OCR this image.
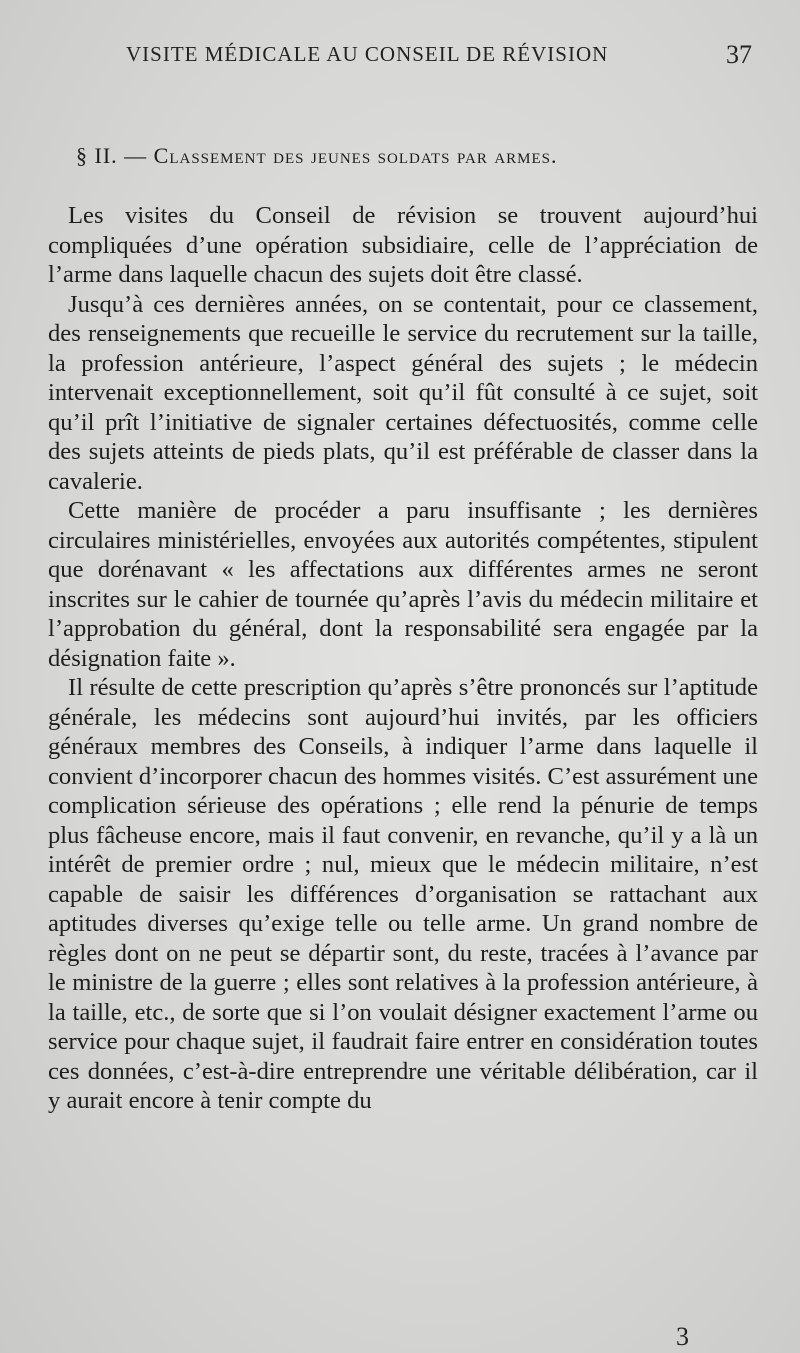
VISITE MÉDICALE AU CONSEIL DE RÉVISION	37
§ II. — Classement des jeunes soldats par armes.

Les visites du Conseil de révision se trouvent aujourd’hui compliquées d’une opération subsidiaire, celle de l’appréciation de l’arme dans laquelle chacun des sujets doit être classé.

Jusqu’à ces dernières années, on se contentait, pour ce classement, des renseignements que recueille le service du recrutement sur la taille, la profession antérieure, l’aspect général des sujets ; le médecin intervenait exceptionnellement, soit qu’il fût consulté à ce sujet, soit qu’il prît l’initiative de signaler certaines défectuosités, comme celle des sujets atteints de pieds plats, qu’il est préférable de classer dans la cavalerie.

Cette manière de procéder a paru insuffisante ; les dernières circulaires ministérielles, envoyées aux autorités compétentes, stipulent que dorénavant « les affectations aux différentes armes ne seront inscrites sur le cahier de tournée qu’après l’avis du médecin militaire et l’approbation du général, dont la responsabilité sera engagée par la désignation faite ».

Il résulte de cette prescription qu’après s’être prononcés sur l’aptitude générale, les médecins sont aujourd’hui invités, par les officiers généraux membres des Conseils, à indiquer l’arme dans laquelle il convient d’incorporer chacun des hommes visités. C’est assurément une complication sérieuse des opérations ; elle rend la pénurie de temps plus fâcheuse encore, mais il faut convenir, en revanche, qu’il y a là un intérêt de premier ordre ; nul, mieux que le médecin militaire, n’est capable de saisir les différences d’organisation se rattachant aux aptitudes diverses qu’exige telle ou telle arme. Un grand nombre de règles dont on ne peut se départir sont, du reste, tracées à l’avance par le ministre de la guerre ; elles sont relatives à la profession antérieure, à la taille, etc., de sorte que si l’on voulait désigner exactement l’arme ou service pour chaque sujet, il faudrait faire entrer en considération toutes ces données, c’est-à-dire entreprendre une véritable délibération, car il y aurait encore à tenir compte du

3
